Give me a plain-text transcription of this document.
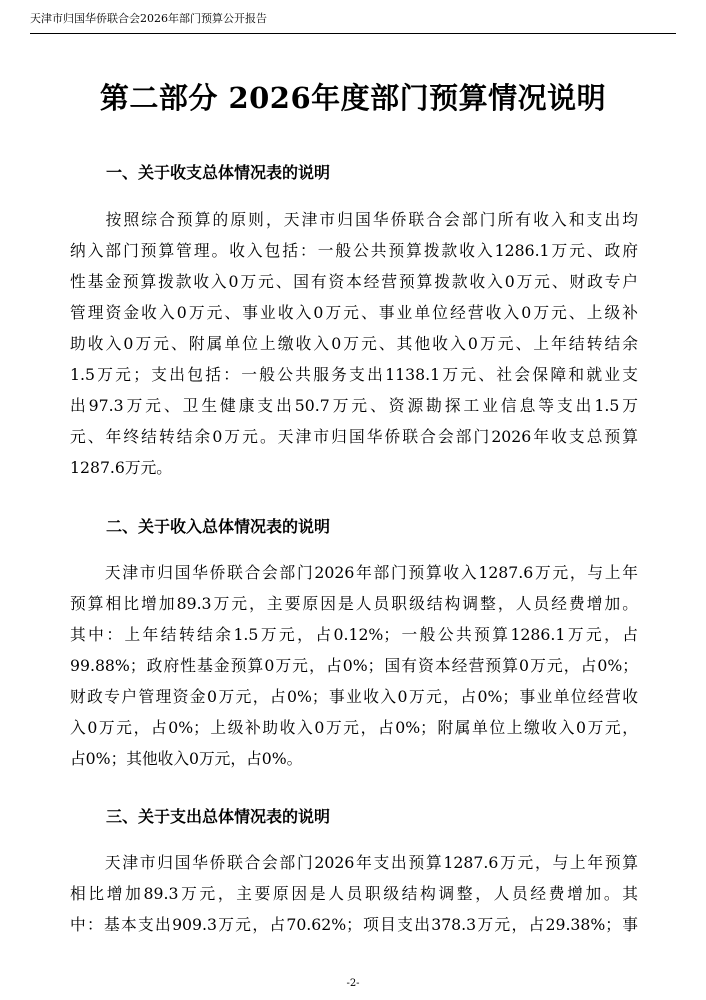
天津市归国华侨联合会2026年部门预算公开报告
第二部分 2026年度部门预算情况说明
一、关于收支总体情况表的说明
　　按照综合预算的原则，天津市归国华侨联合会部门所有收入和支出均
纳入部门预算管理。收入包括：一般公共预算拨款收入1286.1万元、政府
性基金预算拨款收入0万元、国有资本经营预算拨款收入0万元、财政专户
管理资金收入0万元、事业收入0万元、事业单位经营收入0万元、上级补
助收入0万元、附属单位上缴收入0万元、其他收入0万元、上年结转结余
1.5万元；支出包括：一般公共服务支出1138.1万元、社会保障和就业支
出97.3万元、卫生健康支出50.7万元、资源勘探工业信息等支出1.5万
元、年终结转结余0万元。天津市归国华侨联合会部门2026年收支总预算
1287.6万元。
二、关于收入总体情况表的说明
　　天津市归国华侨联合会部门2026年部门预算收入1287.6万元，与上年
预算相比增加89.3万元，主要原因是人员职级结构调整，人员经费增加。
其中：上年结转结余1.5万元，占0.12%；一般公共预算1286.1万元，占
99.88%；政府性基金预算0万元，占0%；国有资本经营预算0万元，占0%；
财政专户管理资金0万元，占0%；事业收入0万元，占0%；事业单位经营收
入0万元，占0%；上级补助收入0万元，占0%；附属单位上缴收入0万元，
占0%；其他收入0万元，占0%。
三、关于支出总体情况表的说明
　　天津市归国华侨联合会部门2026年支出预算1287.6万元，与上年预算
相比增加89.3万元，主要原因是人员职级结构调整，人员经费增加。其
中：基本支出909.3万元，占70.62%；项目支出378.3万元，占29.38%；事
-2-
